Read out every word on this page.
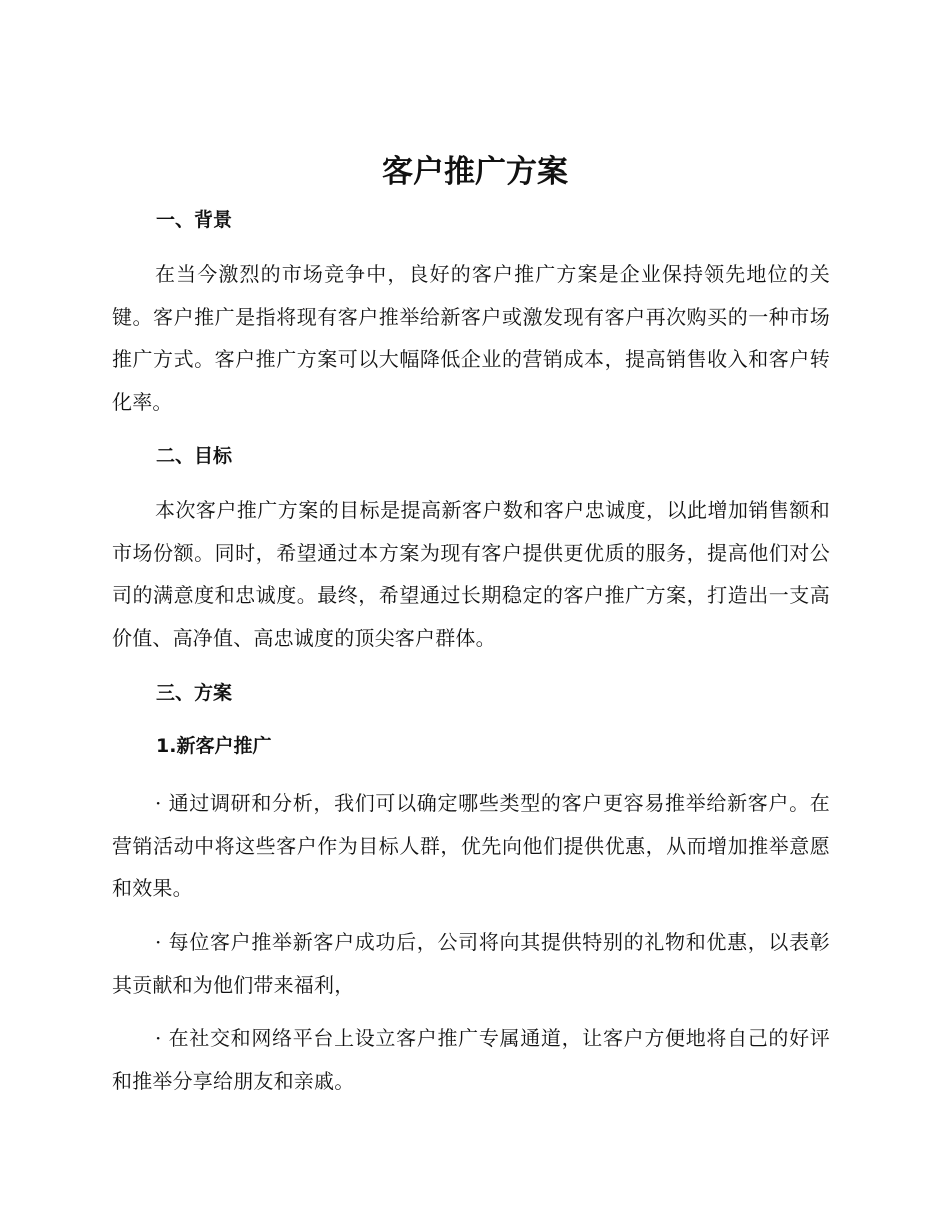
客户推广方案
一、背景

在当今激烈的市场竞争中，良好的客户推广方案是企业保持领先地位的关键。客户推广是指将现有客户推举给新客户或激发现有客户再次购买的一种市场推广方式。客户推广方案可以大幅降低企业的营销成本，提高销售收入和客户转化率。

二、目标

本次客户推广方案的目标是提高新客户数和客户忠诚度，以此增加销售额和市场份额。同时，希望通过本方案为现有客户提供更优质的服务，提高他们对公司的满意度和忠诚度。最终，希望通过长期稳定的客户推广方案，打造出一支高价值、高净值、高忠诚度的顶尖客户群体。

三、方案
1.新客户推广

· 通过调研和分析，我们可以确定哪些类型的客户更容易推举给新客户。在营销活动中将这些客户作为目标人群，优先向他们提供优惠，从而增加推举意愿和效果。

· 每位客户推举新客户成功后，公司将向其提供特别的礼物和优惠，以表彰其贡献和为他们带来福利，

· 在社交和网络平台上设立客户推广专属通道，让客户方便地将自己的好评和推举分享给朋友和亲戚。
